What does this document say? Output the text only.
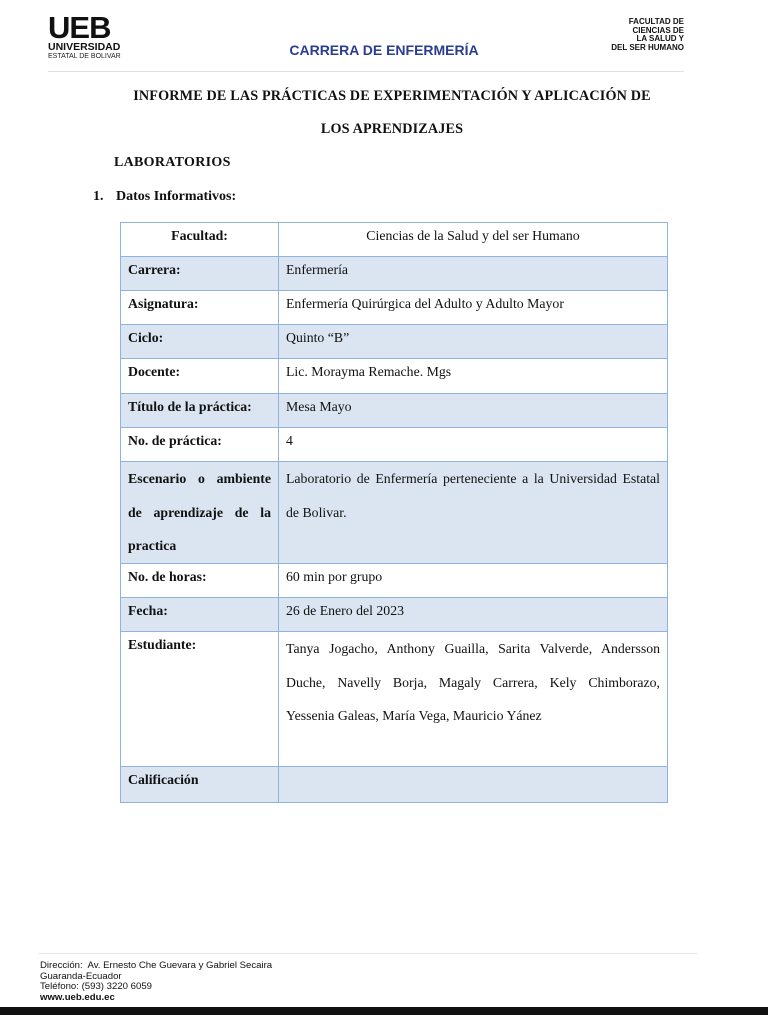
UEB
UNIVERSIDAD
ESTATAL DE BOLIVAR	CARRERA DE ENFERMERÍA
FACULTAD DE
CIENCIAS DE
LA SALUD Y
DEL SER HUMANO
INFORME DE LAS PRÁCTICAS DE EXPERIMENTACIÓN Y APLICACIÓN DE
LOS APRENDIZAJES
LABORATORIOS
1. Datos Informativos:
Facultad:	Ciencias de la Salud y del ser Humano
Carrera:	Enfermería
Asignatura:	Enfermería Quirúrgica del Adulto y Adulto Mayor
Ciclo:	Quinto “B”
Docente:	Lic. Morayma Remache. Mgs
Título de la práctica:	Mesa Mayo
No. de práctica:	4
Escenario o ambiente de aprendizaje de la practica	Laboratorio de Enfermería perteneciente a la Universidad Estatal de Bolivar.
No. de horas:	60 min por grupo
Fecha:	26 de Enero del 2023
Estudiante:	Tanya Jogacho, Anthony Guailla, Sarita Valverde, Andersson Duche, Navelly Borja, Magaly Carrera, Kely Chimborazo, Yessenia Galeas, María Vega, Mauricio Yánez
Calificación	
Dirección: Av. Ernesto Che Guevara y Gabriel Secaira
Guaranda-Ecuador
Teléfono: (593) 3220 6059
www.ueb.edu.ec
